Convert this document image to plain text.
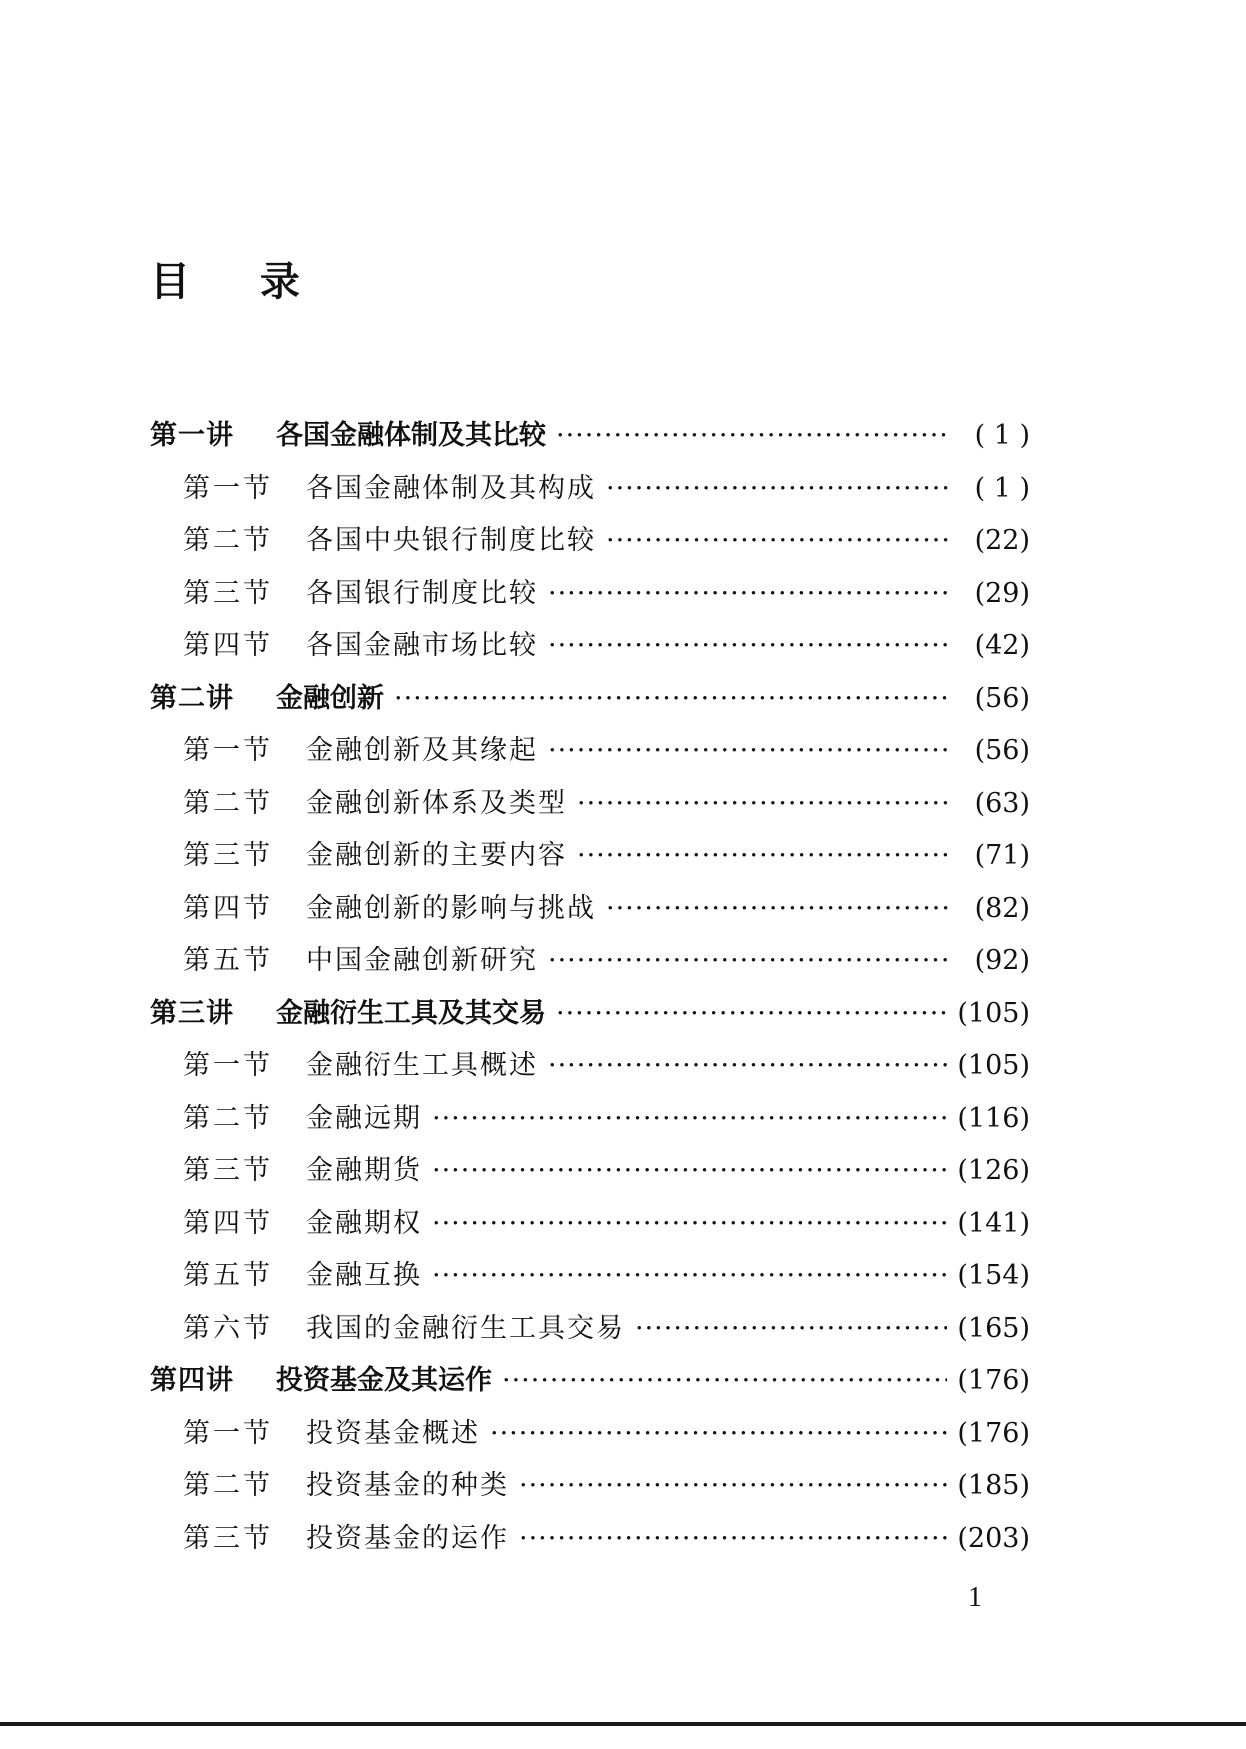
目 录
第一讲 各国金融体制及其比较 ·····	( 1 )
第一节 各国金融体制及其构成 ·····	( 1 )
第二节 各国中央银行制度比较 ·····	(22)
第三节 各国银行制度比较 ·····	(29)
第四节 各国金融市场比较 ·····	(42)
第二讲 金融创新 ·····	(56)
第一节 金融创新及其缘起 ·····	(56)
第二节 金融创新体系及类型 ·····	(63)
第三节 金融创新的主要内容 ·····	(71)
第四节 金融创新的影响与挑战 ·····	(82)
第五节 中国金融创新研究 ·····	(92)
第三讲 金融衍生工具及其交易 ·····	(105)
第一节 金融衍生工具概述 ·····	(105)
第二节 金融远期 ·····	(116)
第三节 金融期货 ·····	(126)
第四节 金融期权 ·····	(141)
第五节 金融互换 ·····	(154)
第六节 我国的金融衍生工具交易 ·····	(165)
第四讲 投资基金及其运作 ·····	(176)
第一节 投资基金概述 ·····	(176)
第二节 投资基金的种类 ·····	(185)
第三节 投资基金的运作 ·····	(203)
1
